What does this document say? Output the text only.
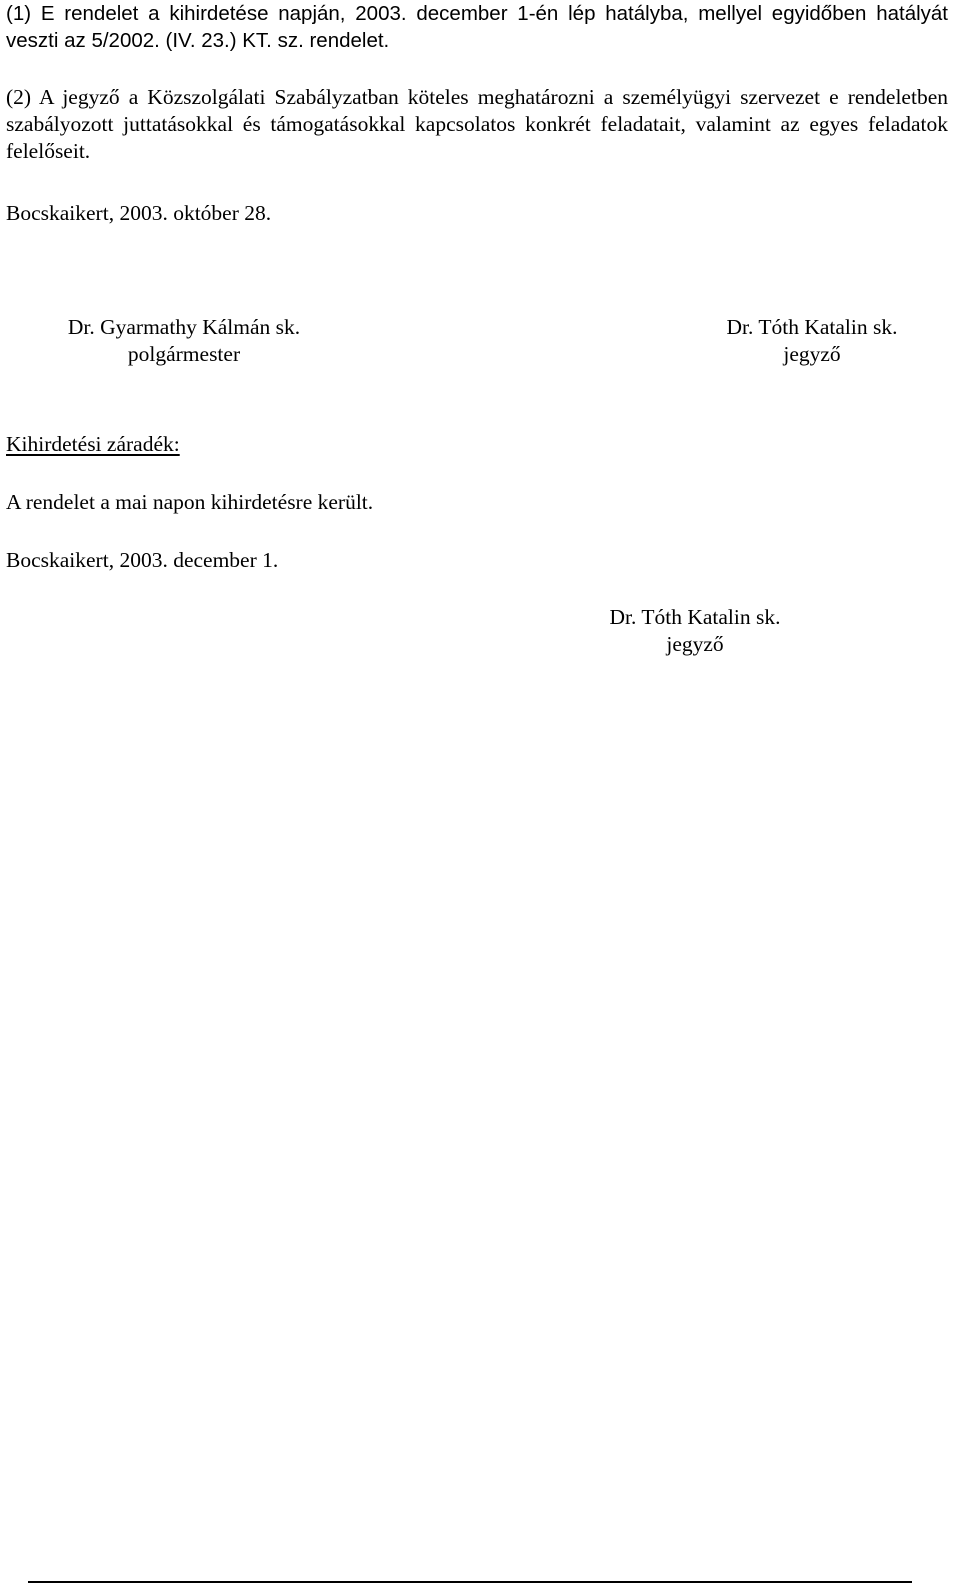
(1) E rendelet a kihirdetése napján, 2003. december 1-én lép hatályba, mellyel egyidőben hatályát veszti az 5/2002. (IV. 23.) KT. sz. rendelet.

(2) A jegyző a Közszolgálati Szabályzatban köteles meghatározni a személyügyi szervezet e rendeletben szabályozott juttatásokkal és támogatásokkal kapcsolatos konkrét feladatait, valamint az egyes feladatok felelőseit.

Bocskaikert, 2003. október 28.

Dr. Gyarmathy Kálmán sk.
polgármester
Dr. Tóth Katalin sk.
jegyző

Kihirdetési záradék:

A rendelet a mai napon kihirdetésre került.

Bocskaikert, 2003. december 1.

Dr. Tóth Katalin sk.
jegyző
